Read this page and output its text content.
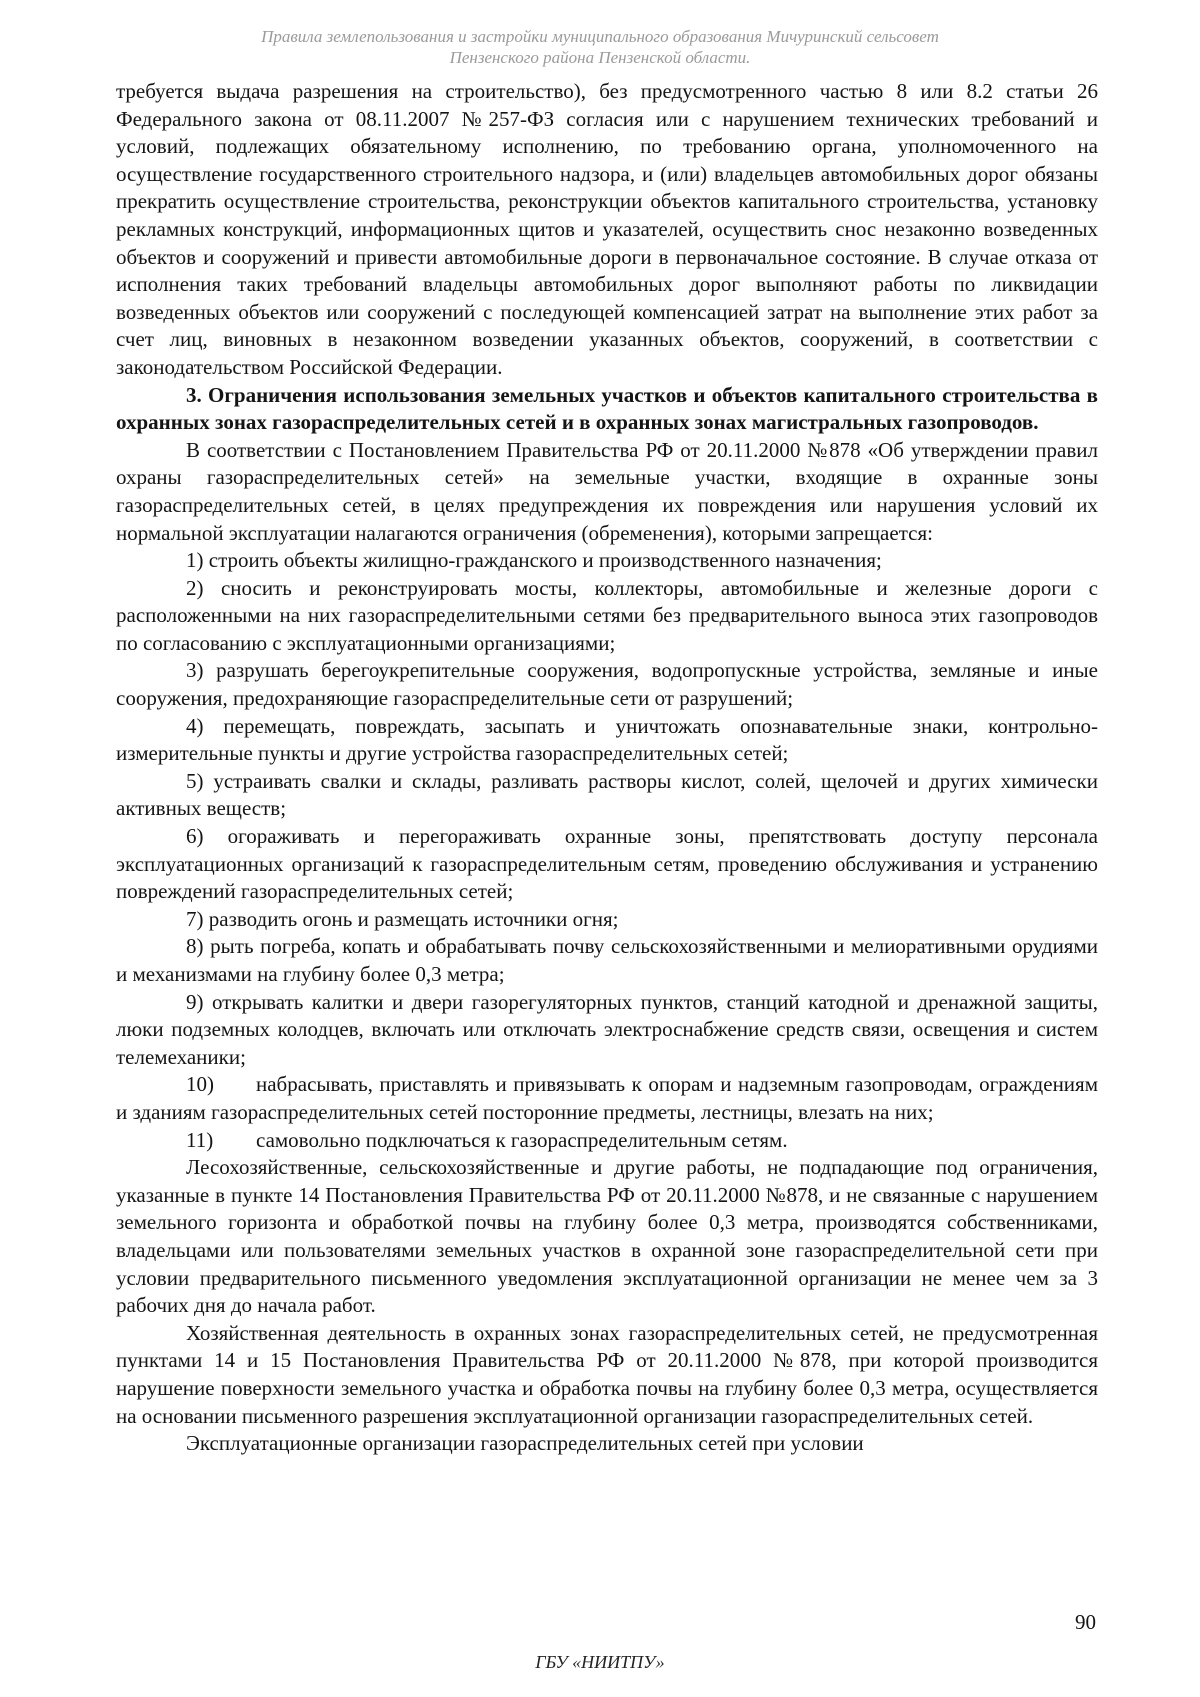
Правила землепользования и застройки муниципального образования Мичуринский сельсовет
Пензенского района Пензенской области.

требуется выдача разрешения на строительство), без предусмотренного частью 8 или 8.2 статьи 26 Федерального закона от 08.11.2007 №257-ФЗ согласия или с нарушением технических требований и условий, подлежащих обязательному исполнению, по требованию органа, уполномоченного на осуществление государственного строительного надзора, и (или) владельцев автомобильных дорог обязаны прекратить осуществление строительства, реконструкции объектов капитального строительства, установку рекламных конструкций, информационных щитов и указателей, осуществить снос незаконно возведенных объектов и сооружений и привести автомобильные дороги в первоначальное состояние. В случае отказа от исполнения таких требований владельцы автомобильных дорог выполняют работы по ликвидации возведенных объектов или сооружений с последующей компенсацией затрат на выполнение этих работ за счет лиц, виновных в незаконном возведении указанных объектов, сооружений, в соответствии с законодательством Российской Федерации.

3. Ограничения использования земельных участков и объектов капитального строительства в охранных зонах газораспределительных сетей и в охранных зонах магистральных газопроводов.

В соответствии с Постановлением Правительства РФ от 20.11.2000 №878 «Об утверждении правил охраны газораспределительных сетей» на земельные участки, входящие в охранные зоны газораспределительных сетей, в целях предупреждения их повреждения или нарушения условий их нормальной эксплуатации налагаются ограничения (обременения), которыми запрещается:

1) строить объекты жилищно-гражданского и производственного назначения;

2) сносить и реконструировать мосты, коллекторы, автомобильные и железные дороги с расположенными на них газораспределительными сетями без предварительного выноса этих газопроводов по согласованию с эксплуатационными организациями;

3) разрушать берегоукрепительные сооружения, водопропускные устройства, земляные и иные сооружения, предохраняющие газораспределительные сети от разрушений;

4) перемещать, повреждать, засыпать и уничтожать опознавательные знаки, контрольно-измерительные пункты и другие устройства газораспределительных сетей;

5) устраивать свалки и склады, разливать растворы кислот, солей, щелочей и других химически активных веществ;

6) огораживать и перегораживать охранные зоны, препятствовать доступу персонала эксплуатационных организаций к газораспределительным сетям, проведению обслуживания и устранению повреждений газораспределительных сетей;

7) разводить огонь и размещать источники огня;

8) рыть погреба, копать и обрабатывать почву сельскохозяйственными и мелиоративными орудиями и механизмами на глубину более 0,3 метра;

9) открывать калитки и двери газорегуляторных пунктов, станций катодной и дренажной защиты, люки подземных колодцев, включать или отключать электроснабжение средств связи, освещения и систем телемеханики;

10) набрасывать, приставлять и привязывать к опорам и надземным газопроводам, ограждениям и зданиям газораспределительных сетей посторонние предметы, лестницы, влезать на них;

11) самовольно подключаться к газораспределительным сетям.

Лесохозяйственные, сельскохозяйственные и другие работы, не подпадающие под ограничения, указанные в пункте 14 Постановления Правительства РФ от 20.11.2000 №878, и не связанные с нарушением земельного горизонта и обработкой почвы на глубину более 0,3 метра, производятся собственниками, владельцами или пользователями земельных участков в охранной зоне газораспределительной сети при условии предварительного письменного уведомления эксплуатационной организации не менее чем за 3 рабочих дня до начала работ.

Хозяйственная деятельность в охранных зонах газораспределительных сетей, не предусмотренная пунктами 14 и 15 Постановления Правительства РФ от 20.11.2000 №878, при которой производится нарушение поверхности земельного участка и обработка почвы на глубину более 0,3 метра, осуществляется на основании письменного разрешения эксплуатационной организации газораспределительных сетей.

Эксплуатационные организации газораспределительных сетей при условии

90
ГБУ «НИИТПУ»
